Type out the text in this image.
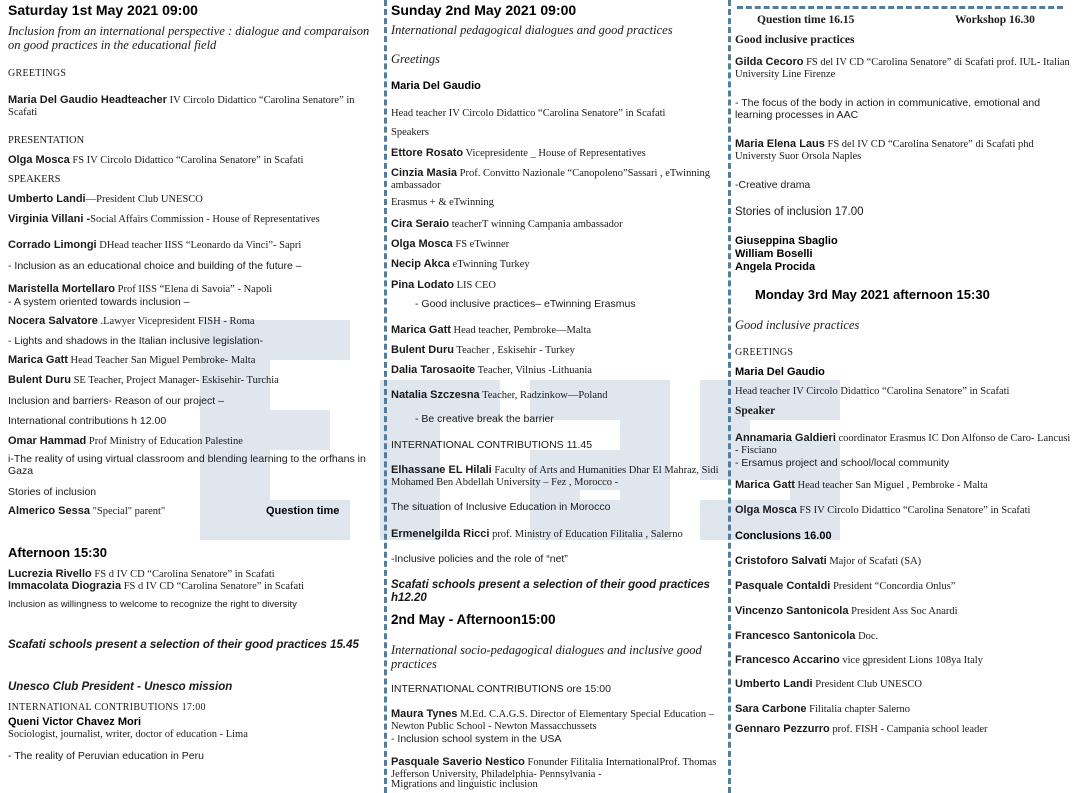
Saturday 1st May 2021 09:00
Inclusion from an international perspective : dialogue and comparaison on good practices in the educational field
GREETINGS
Maria Del Gaudio Headteacher IV Circolo Didattico “Carolina Senatore” in Scafati
PRESENTATION
Olga Mosca FS IV Circolo Didattico “Carolina Senatore” in Scafati
SPEAKERS
Umberto Landi—President Club UNESCO
Virginia Villani -Social Affairs Commission - House of Representatives
Corrado Limongi DHead teacher IISS “Leonardo da Vinci”- Sapri
- Inclusion as an educational choice and building of the future –
Maristella Mortellaro Prof IISS “Elena di Savoia” - Napoli
- A system oriented towards inclusion –
Nocera Salvatore .Lawyer Vicepresident FISH - Roma
- Lights and shadows in the Italian inclusive legislation-
Marica Gatt Head Teacher San Miguel Pembroke- Malta
Bulent Duru SE Teacher, Project Manager- Eskisehir- Turchia
Inclusion and barriers- Reason of our project –
International contributions h 12.00
Omar Hammad Prof Ministry of Education Palestine
i-The reality of using virtual classroom and blending learning to the orfhans in Gaza
Stories of inclusion
Almerico Sessa "Special" parent"	Question time
Afternoon 15:30
Lucrezia Rivello FS d IV CD “Carolina Senatore” in Scafati
Immacolata Diograzia FS d IV CD “Carolina Senatore” in Scafati
Inclusion as willingness to welcome to recognize the right to diversity
Scafati schools present a selection of their good practices 15.45
Unesco Club President - Unesco mission
INTERNATIONAL CONTRIBUTIONS 17:00
Queni Victor Chavez Mori
Sociologist, journalist, writer, doctor of education - Lima
- The reality of Peruvian education in Peru
Sunday 2nd May 2021 09:00
International pedagogical dialogues and good practices
Greetings
Maria Del Gaudio
Head teacher IV Circolo Didattico “Carolina Senatore” in Scafati
Speakers
Ettore Rosato Vicepresidente _ House of Representatives
Cinzia Masia Prof. Convitto Nazionale “Canopoleno”Sassari , eTwinning ambassador
Erasmus + & eTwinning
Cira Seraio teacherT winning Campania ambassador
Olga Mosca FS eTwinner
Necip Akca eTwinning Turkey
Pina Lodato LIS CEO
- Good inclusive practices– eTwinning Erasmus
Marica Gatt Head teacher, Pembroke—Malta
Bulent Duru Teacher , Eskisehir - Turkey
Dalia Tarosaoite Teacher, Vilnius -Lithuania
Natalia Szczesna Teacher, Radzinkow—Poland
- Be creative break the barrier
INTERNATIONAL CONTRIBUTIONS 11.45
Elhassane EL Hilali Faculty of Arts and Humanities Dhar El Mahraz, Sidi Mohamed Ben Abdellah University – Fez , Morocco -
The situation of Inclusive Education in Morocco
Ermenelgilda Ricci prof. Ministry of Education Filitalia , Salerno
-Inclusive policies and the role of “net”
Scafati schools present a selection of their good practices h12.20
2nd May - Afternoon15:00
International socio-pedagogical dialogues and inclusive good practices
INTERNATIONAL CONTRIBUTIONS ore 15:00
Maura Tynes M.Ed. C.A.G.S. Director of Elementary Special Education – Newton Public School - Newton Massacchussets
- Inclusion school system in the USA
Pasquale Saverio Nestico Fonunder Filitalia InternationalProf. Thomas Jefferson University, Philadelphia- Pennsylvania -
Migrations and linguistic inclusion
Question time 16.15	Workshop 16.30
Good inclusive practices
Gilda Cecoro FS del IV CD “Carolina Senatore” di Scafati prof. IUL- Italian University Line Firenze
- The focus of the body in action in communicative, emotional and learning processes in AAC
Maria Elena Laus FS del IV CD “Carolina Senatore” di Scafati phd Universty Suor Orsola Naples
-Creative drama
Stories of inclusion 17.00
Giuseppina Sbaglio
William Boselli
Angela Procida
Monday 3rd May 2021 afternoon 15:30
Good inclusive practices
GREETINGS
Maria Del Gaudio
Head teacher IV Circolo Didattico “Carolina Senatore” in Scafati
Speaker
Annamaria Galdieri coordinator Erasmus IC Don Alfonso de Caro- Lancusi - Fisciano
- Ersamus project and school/local community
Marica Gatt Head teacher San Miguel , Pembroke - Malta
Olga Mosca FS IV Circolo Didattico “Carolina Senatore” in Scafati
Conclusions 16.00
Cristoforo Salvati Major of Scafati (SA)
Pasquale Contaldi President “Concordia Onlus”
Vincenzo Santonicola President Ass Soc Anardi
Francesco Santonicola Doc.
Francesco Accarino vice gpresident Lions 108ya Italy
Umberto Landi President Club UNESCO
Sara Carbone Filitalia chapter Salerno
Gennaro Pezzurro prof. FISH - Campania school leader
